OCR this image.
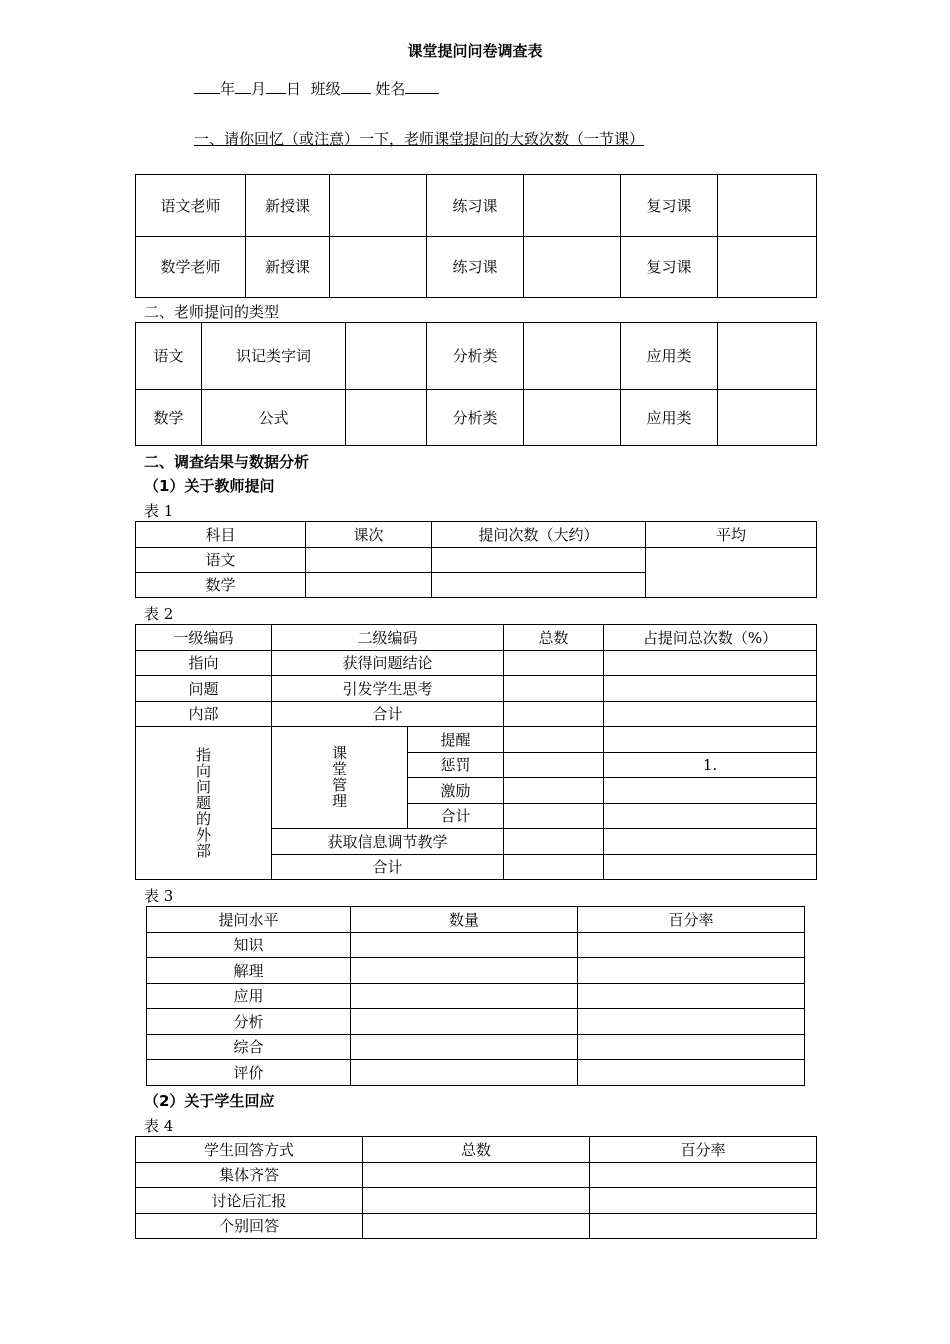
课堂提问问卷调查表
年 月 日 班级 姓名
一、请你回忆（或注意）一下，老师课堂提问的大致次数（一节课）
语文老师	新授课		练习课		复习课	
数学老师	新授课		练习课		复习课	
二、老师提问的类型
语文	识记类字词		分析类		应用类	
数学	公式		分析类		应用类	
二、调查结果与数据分析
（1）关于教师提问
表 1
科目	课次	提问次数（大约）	平均
语文			
数学			
表 2
一级编码	二级编码		总数	占提问总次数（%）
指向	获得问题结论			
问题	引发学生思考			
内部	合计			
指向问题的外部	课堂管理	提醒		
		惩罚		1.
		激励		
		合计		
	获取信息调节教学			
	合计			
表 3
提问水平	数量	百分率
知识		
解理		
应用		
分析		
综合		
评价		
（2）关于学生回应
表 4
学生回答方式	总数	百分率
集体齐答		
讨论后汇报		
个别回答		
